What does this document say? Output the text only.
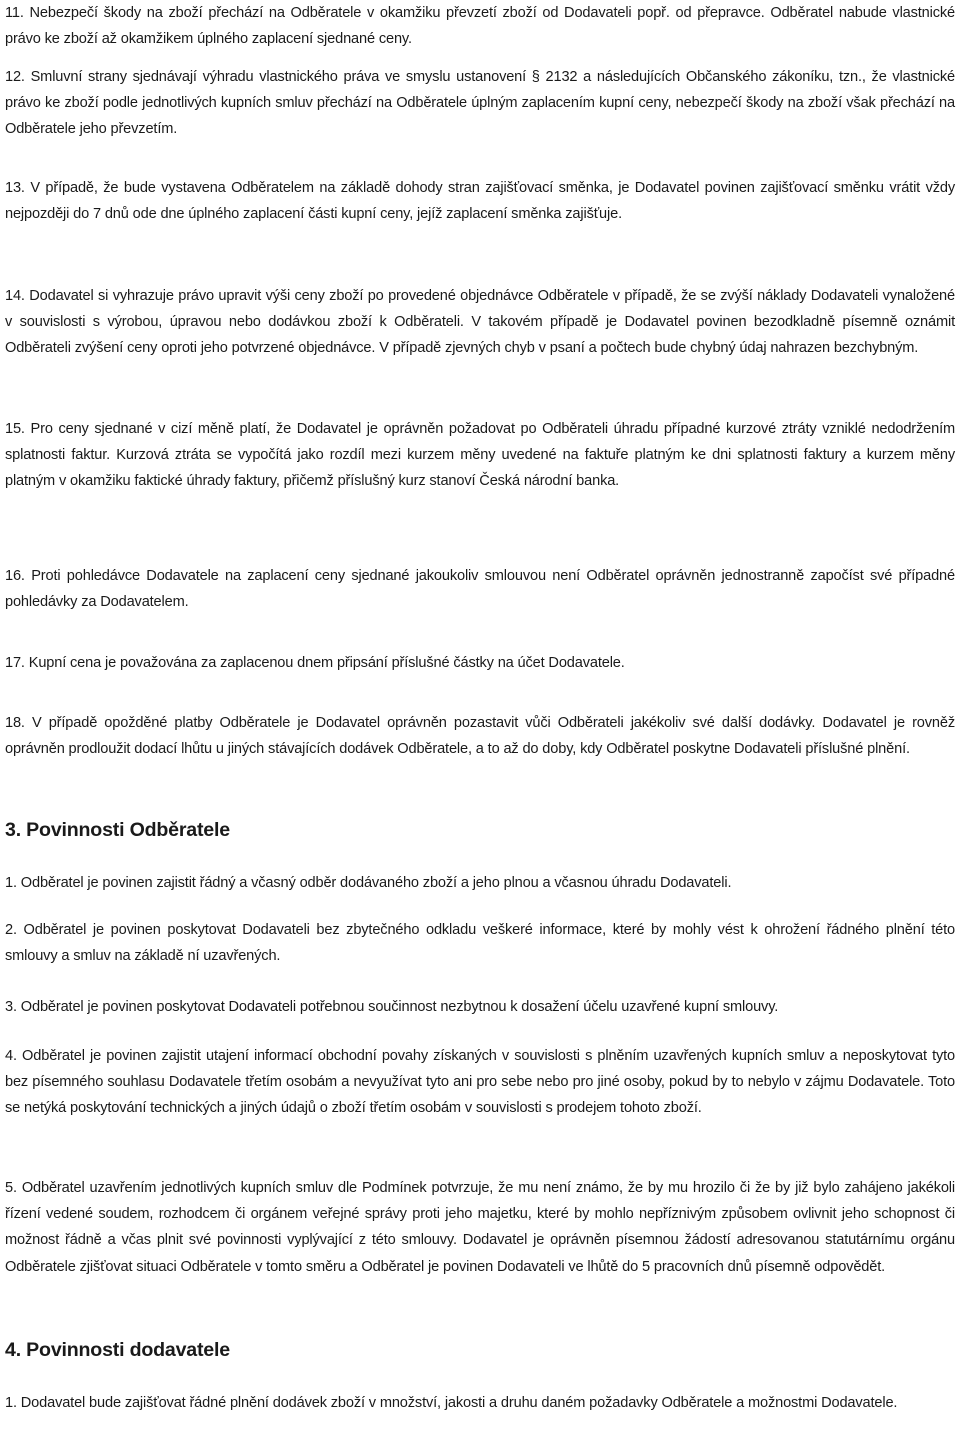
11. Nebezpečí škody na zboží přechází na Odběratele v okamžiku převzetí zboží od Dodavateli popř. od přepravce. Odběratel nabude vlastnické právo ke zboží až okamžikem úplného zaplacení sjednané ceny.

12. Smluvní strany sjednávají výhradu vlastnického práva ve smyslu ustanovení § 2132 a následujících Občanského zákoníku, tzn., že vlastnické právo ke zboží podle jednotlivých kupních smluv přechází na Odběratele úplným zaplacením kupní ceny, nebezpečí škody na zboží však přechází na Odběratele jeho převzetím.

13. V případě, že bude vystavena Odběratelem na základě dohody stran zajišťovací směnka, je Dodavatel povinen zajišťovací směnku vrátit vždy nejpozději do 7 dnů ode dne úplného zaplacení části kupní ceny, jejíž zaplacení směnka zajišťuje.

14. Dodavatel si vyhrazuje právo upravit výši ceny zboží po provedené objednávce Odběratele v případě, že se zvýší náklady Dodavateli vynaložené v souvislosti s výrobou, úpravou nebo dodávkou zboží k Odběrateli. V takovém případě je Dodavatel povinen bezodkladně písemně oznámit Odběrateli zvýšení ceny oproti jeho potvrzené objednávce. V případě zjevných chyb v psaní a počtech bude chybný údaj nahrazen bezchybným.

15. Pro ceny sjednané v cizí měně platí, že Dodavatel je oprávněn požadovat po Odběrateli úhradu případné kurzové ztráty vzniklé nedodržením splatnosti faktur. Kurzová ztráta se vypočítá jako rozdíl mezi kurzem měny uvedené na faktuře platným ke dni splatnosti faktury a kurzem měny platným v okamžiku faktické úhrady faktury, přičemž příslušný kurz stanoví Česká národní banka.

16. Proti pohledávce Dodavatele na zaplacení ceny sjednané jakoukoliv smlouvou není Odběratel oprávněn jednostranně započíst své případné pohledávky za Dodavatelem.

17. Kupní cena je považována za zaplacenou dnem připsání příslušné částky na účet Dodavatele.

18. V případě opožděné platby Odběratele je Dodavatel oprávněn pozastavit vůči Odběrateli jakékoliv své další dodávky. Dodavatel je rovněž oprávněn prodloužit dodací lhůtu u jiných stávajících dodávek Odběratele, a to až do doby, kdy Odběratel poskytne Dodavateli příslušné plnění.

3. Povinnosti Odběratele

1. Odběratel je povinen zajistit řádný a včasný odběr dodávaného zboží a jeho plnou a včasnou úhradu Dodavateli.

2. Odběratel je povinen poskytovat Dodavateli bez zbytečného odkladu veškeré informace, které by mohly vést k ohrožení řádného plnění této smlouvy a smluv na základě ní uzavřených.

3. Odběratel je povinen poskytovat Dodavateli potřebnou součinnost nezbytnou k dosažení účelu uzavřené kupní smlouvy.

4. Odběratel je povinen zajistit utajení informací obchodní povahy získaných v souvislosti s plněním uzavřených kupních smluv a neposkytovat tyto bez písemného souhlasu Dodavatele třetím osobám a nevyužívat tyto ani pro sebe nebo pro jiné osoby, pokud by to nebylo v zájmu Dodavatele. Toto se netýká poskytování technických a jiných údajů o zboží třetím osobám v souvislosti s prodejem tohoto zboží.

5. Odběratel uzavřením jednotlivých kupních smluv dle Podmínek potvrzuje, že mu není známo, že by mu hrozilo či že by již bylo zahájeno jakékoli řízení vedené soudem, rozhodcem či orgánem veřejné správy proti jeho majetku, které by mohlo nepříznivým způsobem ovlivnit jeho schopnost či možnost řádně a včas plnit své povinnosti vyplývající z této smlouvy. Dodavatel je oprávněn písemnou žádostí adresovanou statutárnímu orgánu Odběratele zjišťovat situaci Odběratele v tomto směru a Odběratel je povinen Dodavateli ve lhůtě do 5 pracovních dnů písemně odpovědět.

4. Povinnosti dodavatele

1. Dodavatel bude zajišťovat řádné plnění dodávek zboží v množství, jakosti a druhu daném požadavky Odběratele a možnostmi Dodavatele.
